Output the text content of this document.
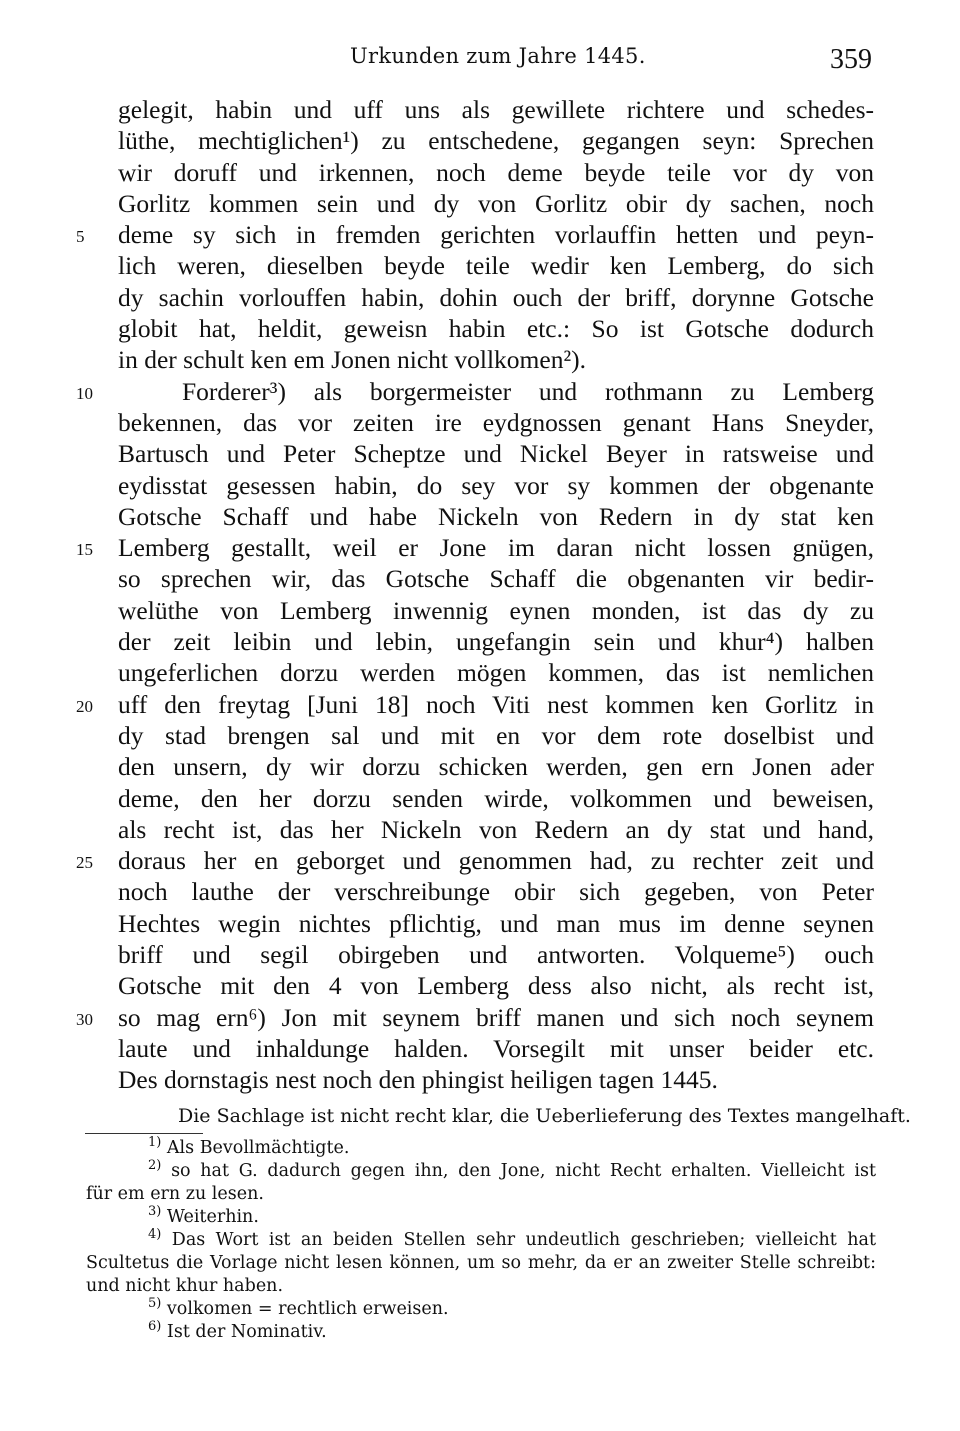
Urkunden zum Jahre 1445.	359
gelegit, habin und uff uns als gewillete richtere und schedes-
lüthe, mechtiglichen¹) zu entschedene, gegangen seyn: Sprechen
wir doruff und irkennen, noch deme beyde teile vor dy von
Gorlitz kommen sein und dy von Gorlitz obir dy sachen, noch
5	deme sy sich in fremden gerichten vorlauffin hetten und peyn-
lich weren, dieselben beyde teile wedir ken Lemberg, do sich
dy sachin vorlouffen habin, dohin ouch der briff, dorynne Gotsche
globit hat, heldit, geweisn habin etc.: So ist Gotsche dodurch
in der schult ken em Jonen nicht vollkomen²).
10	Forderer³) als borgermeister und rothmann zu Lemberg
bekennen, das vor zeiten ire eydgnossen genant Hans Sneyder,
Bartusch und Peter Scheptze und Nickel Beyer in ratsweise und
eydisstat gesessen habin, do sey vor sy kommen der obgenante
Gotsche Schaff und habe Nickeln von Redern in dy stat ken
15 Lemberg gestallt, weil er Jone im daran nicht lossen gnügen,
so sprechen wir, das Gotsche Schaff die obgenanten vir bedir-
welüthe von Lemberg inwennig eynen monden, ist das dy zu
der zeit leibin und lebin, ungefangin sein und khur⁴) halben
ungeferlichen dorzu werden mögen kommen, das ist nemlichen
20 uff den freytag [Juni 18] noch Viti nest kommen ken Gorlitz in
dy stad brengen sal und mit en vor dem rote doselbist und
den unsern, dy wir dorzu schicken werden, gen ern Jonen ader
deme, den her dorzu senden wirde, volkommen und beweisen,
als recht ist, das her Nickeln von Redern an dy stat und hand,
25 doraus her en geborget und genommen had, zu rechter zeit und
noch lauthe der verschreibunge obir sich gegeben, von Peter
Hechtes wegin nichtes pflichtig, und man mus im denne seynen
briff und segil obirgeben und antworten. Volqueme⁵) ouch
Gotsche mit den 4 von Lemberg dess also nicht, als recht ist,
30 so mag ern⁶) Jon mit seynem briff manen und sich noch seynem
laute und inhaldunge halden. Vorsegilt mit unser beider etc.
Des dornstagis nest noch den phingist heiligen tagen 1445.
Die Sachlage ist nicht recht klar, die Ueberlieferung des Textes mangelhaft.
$^{1)}$ Als Bevollmächtigte.
$^{2)}$ so hat G. dadurch gegen ihn, den Jone, nicht Recht erhalten. Vielleicht ist
für em ern zu lesen.
$^{3)}$ Weiterhin.
$^{4)}$ Das Wort ist an beiden Stellen sehr undeutlich geschrieben; vielleicht hat
Scultetus die Vorlage nicht lesen können, um so mehr, da er an zweiter Stelle schreibt:
und nicht khur haben.
$^{5)}$ volkomen = rechtlich erweisen.
$^{6)}$ Ist der Nominativ.
